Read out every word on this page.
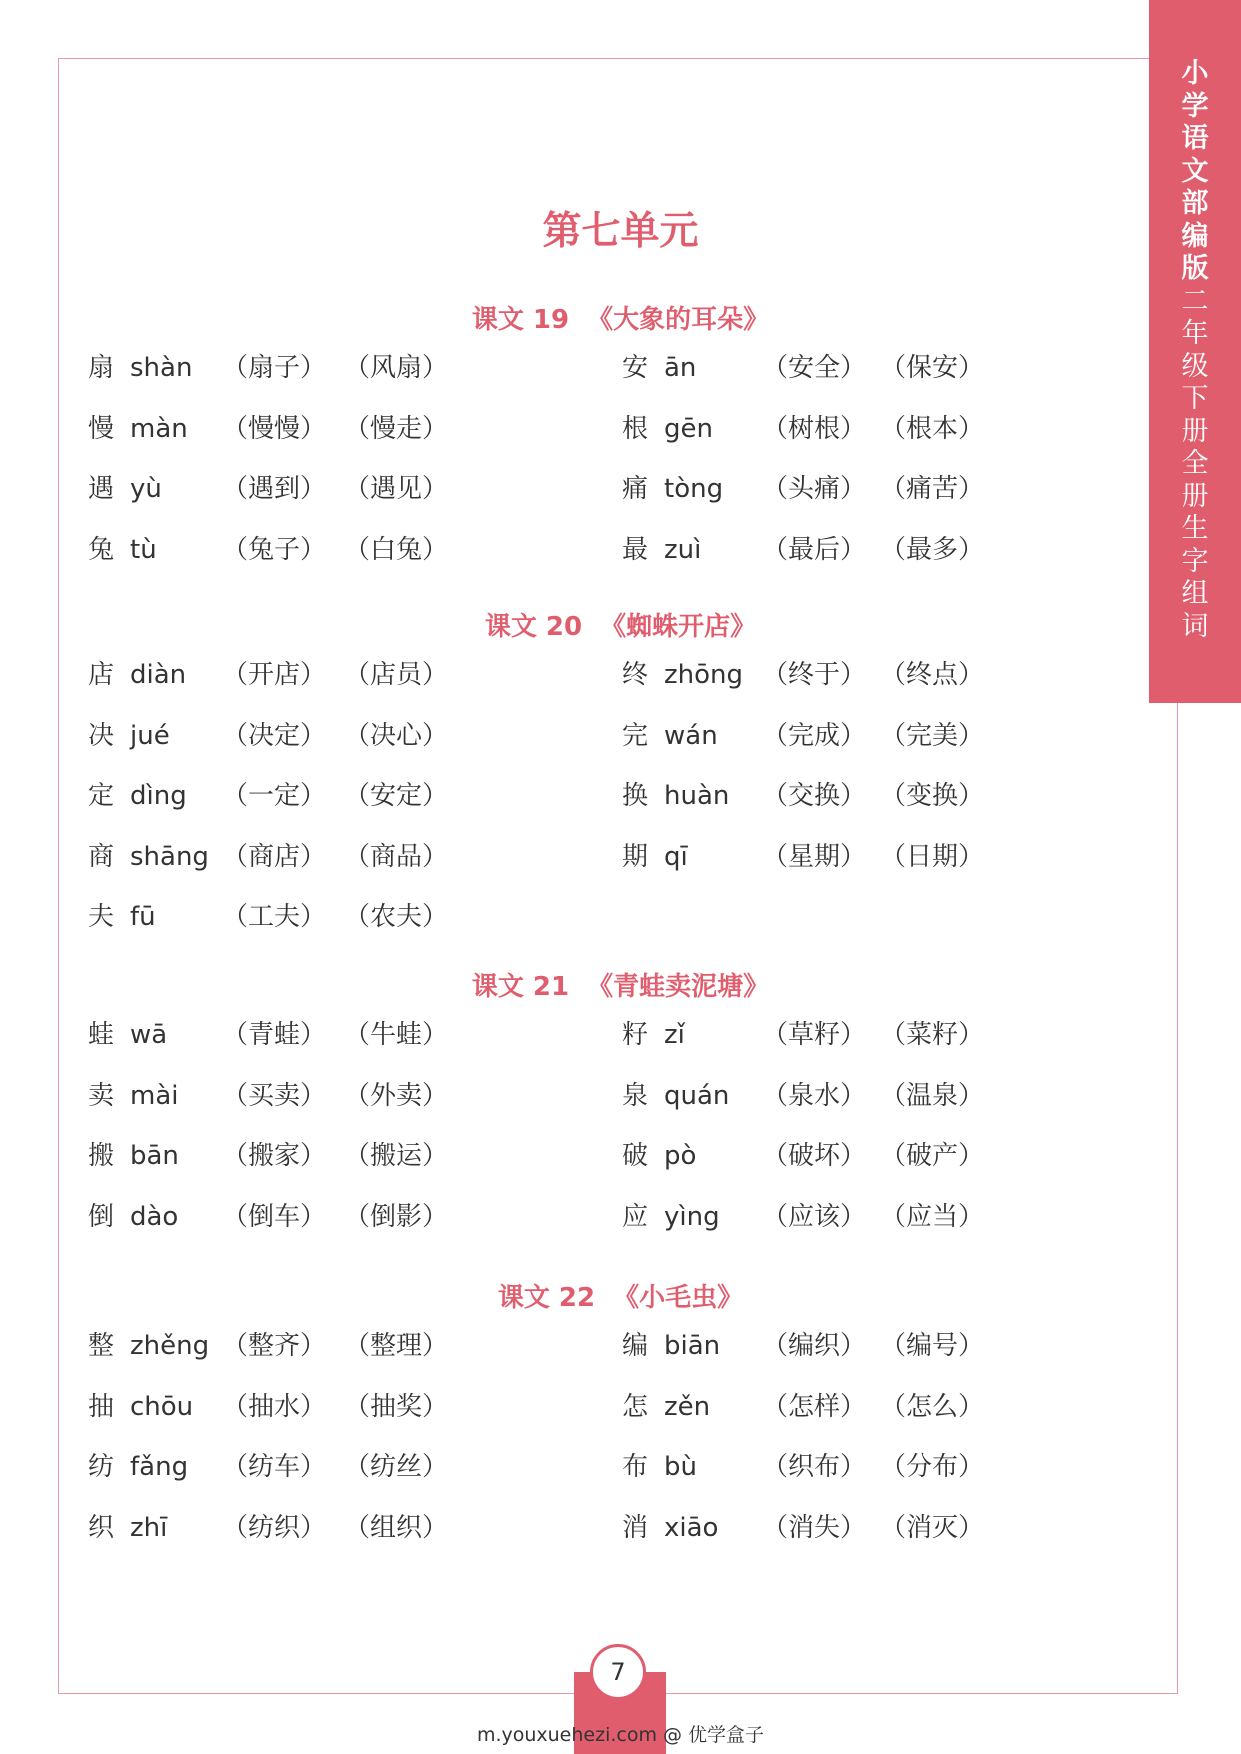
小
学
语
文
部
编
版
二
年
级
下
册
全
册
生
字
组
词

第七单元
课文 19 《大象的耳朵》
扇 shàn （扇子） （风扇）	安 ān	（安全） （保安）
慢 màn （慢慢） （慢走）	根 gēn （树根） （根本）
遇 yù （遇到） （遇见）	痛 tòng （头痛） （痛苦）
兔 tù	（兔子） （白兔）	最 zuì （最后） （最多）
课文 20 《蜘蛛开店》
店 diàn （开店） （店员）	终 zhōng （终于） （终点）
决 jué （决定） （决心）	完 wán （完成） （完美）
定 dìng （一定） （安定）	换 huàn （交换） （变换）
商 shāng （商店） （商品）	期 qī	（星期） （日期）
夫 fū	（工夫） （农夫）
课文 21 《青蛙卖泥塘》
蛙 wā （青蛙） （牛蛙）	籽 zǐ	（草籽） （菜籽）
卖 mài （买卖） （外卖）	泉 quán （泉水） （温泉）
搬 bān （搬家） （搬运）	破 pò	（破坏） （破产）
倒 dào （倒车） （倒影）	应 yìng （应该） （应当）
课文 22 《小毛虫》
整 zhěng （整齐） （整理）	编 biān （编织） （编号）
抽 chōu （抽水） （抽奖）	怎 zěn （怎样） （怎么）
纺 fǎng （纺车） （纺丝）	布 bù	（织布） （分布）
织 zhī （纺织） （组织）	消 xiāo （消失） （消灭）
7
m.youxuehezi.com @ 优学盒子
